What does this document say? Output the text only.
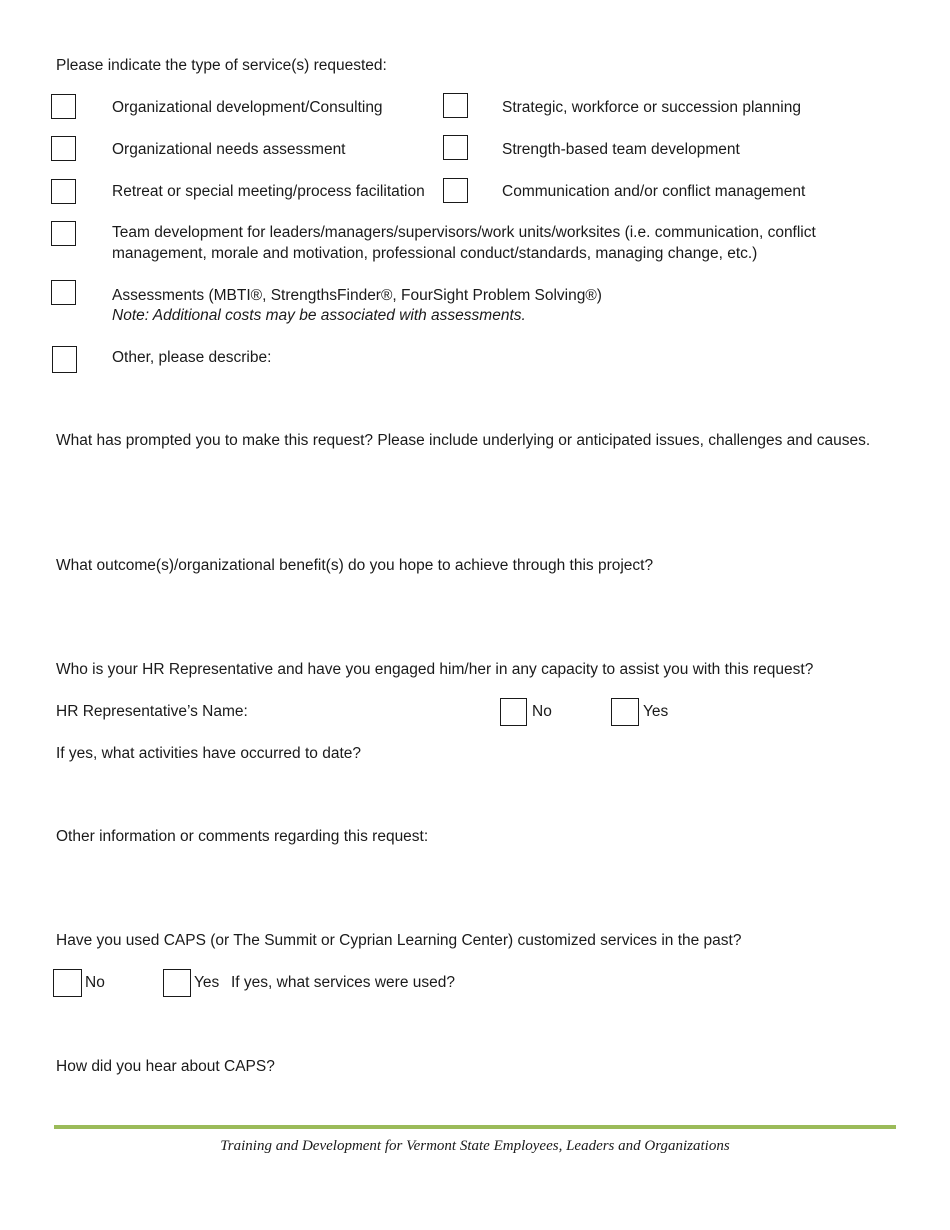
Please indicate the type of service(s) requested:
Organizational development/Consulting	Strategic, workforce or succession planning
Organizational needs assessment	Strength-based team development
Retreat or special meeting/process facilitation	Communication and/or conflict management
Team development for leaders/managers/supervisors/work units/worksites (i.e. communication, conflict
management, morale and motivation, professional conduct/standards, managing change, etc.)
Assessments (MBTI®, StrengthsFinder®, FourSight Problem Solving®)
Note: Additional costs may be associated with assessments.
Other, please describe:
What has prompted you to make this request? Please include underlying or anticipated issues, challenges and causes.
What outcome(s)/organizational benefit(s) do you hope to achieve through this project?
Who is your HR Representative and have you engaged him/her in any capacity to assist you with this request?
HR Representative’s Name:	No	Yes
If yes, what activities have occurred to date?
Other information or comments regarding this request:
Have you used CAPS (or The Summit or Cyprian Learning Center) customized services in the past?
No	Yes If yes, what services were used?
How did you hear about CAPS?
Training and Development for Vermont State Employees, Leaders and Organizations
